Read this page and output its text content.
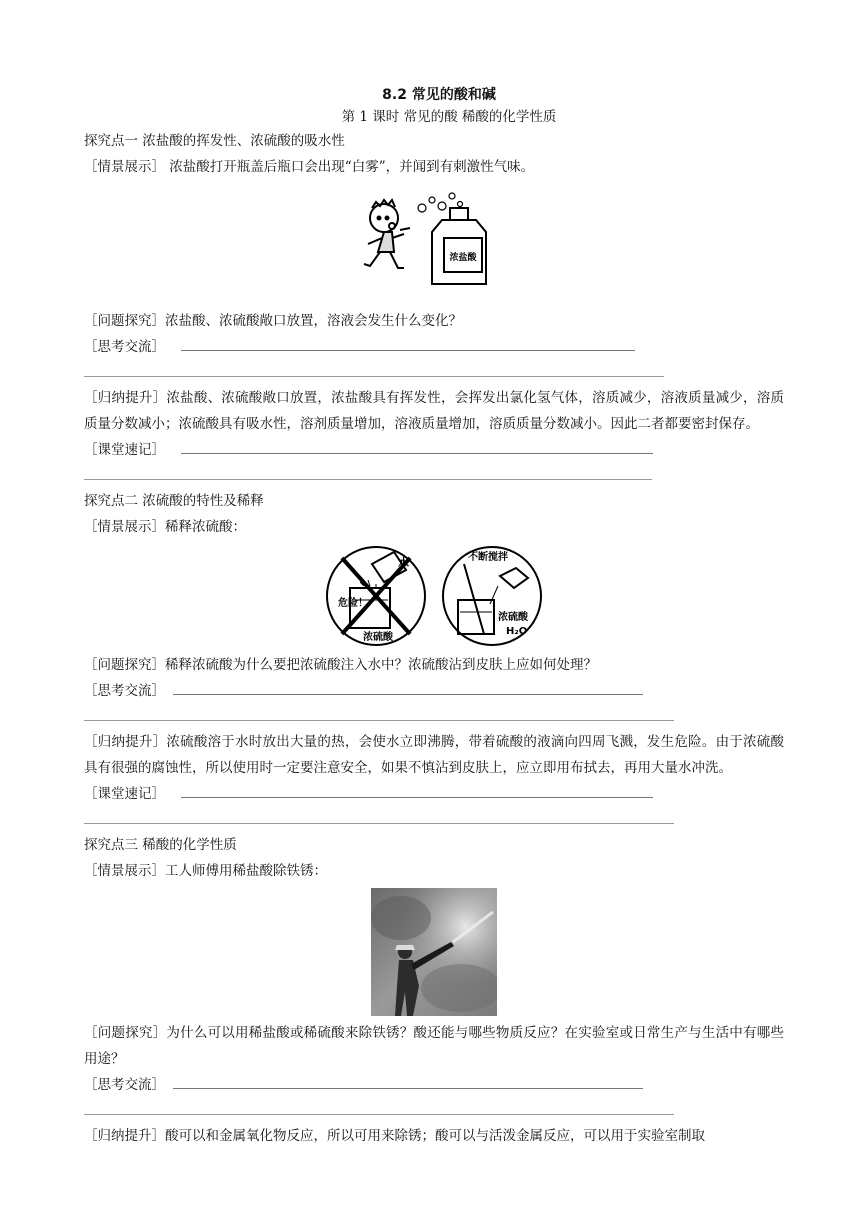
8.2 常见的酸和碱
第 1 课时 常见的酸 稀酸的化学性质
探究点一 浓盐酸的挥发性、浓硫酸的吸水性
［情景展示］ 浓盐酸打开瓶盖后瓶口会出现“白雾”，并闻到有刺激性气味。
浓盐酸
［问题探究］浓盐酸、浓硫酸敞口放置，溶液会发生什么变化？
［思考交流］
［归纳提升］浓盐酸、浓硫酸敞口放置，浓盐酸具有挥发性，会挥发出氯化氢气体，溶质减少，溶液质量减少，溶质质量分数减小；浓硫酸具有吸水性，溶剂质量增加，溶液质量增加，溶质质量分数减小。因此二者都要密封保存。
［课堂速记］
探究点二 浓硫酸的特性及稀释
［情景展示］稀释浓硫酸：
水
危险！
浓硫酸
不断搅拌
浓硫酸
H₂O
［问题探究］稀释浓硫酸为什么要把浓硫酸注入水中？浓硫酸沾到皮肤上应如何处理？
［思考交流］
［归纳提升］浓硫酸溶于水时放出大量的热，会使水立即沸腾，带着硫酸的液滴向四周飞溅，发生危险。由于浓硫酸具有很强的腐蚀性，所以使用时一定要注意安全，如果不慎沾到皮肤上，应立即用布拭去，再用大量水冲洗。
［课堂速记］
探究点三 稀酸的化学性质
［情景展示］工人师傅用稀盐酸除铁锈：
［问题探究］为什么可以用稀盐酸或稀硫酸来除铁锈？酸还能与哪些物质反应？在实验室或日常生产与生活中有哪些用途？
［思考交流］
［归纳提升］酸可以和金属氧化物反应，所以可用来除锈；酸可以与活泼金属反应，可以用于实验室制取
